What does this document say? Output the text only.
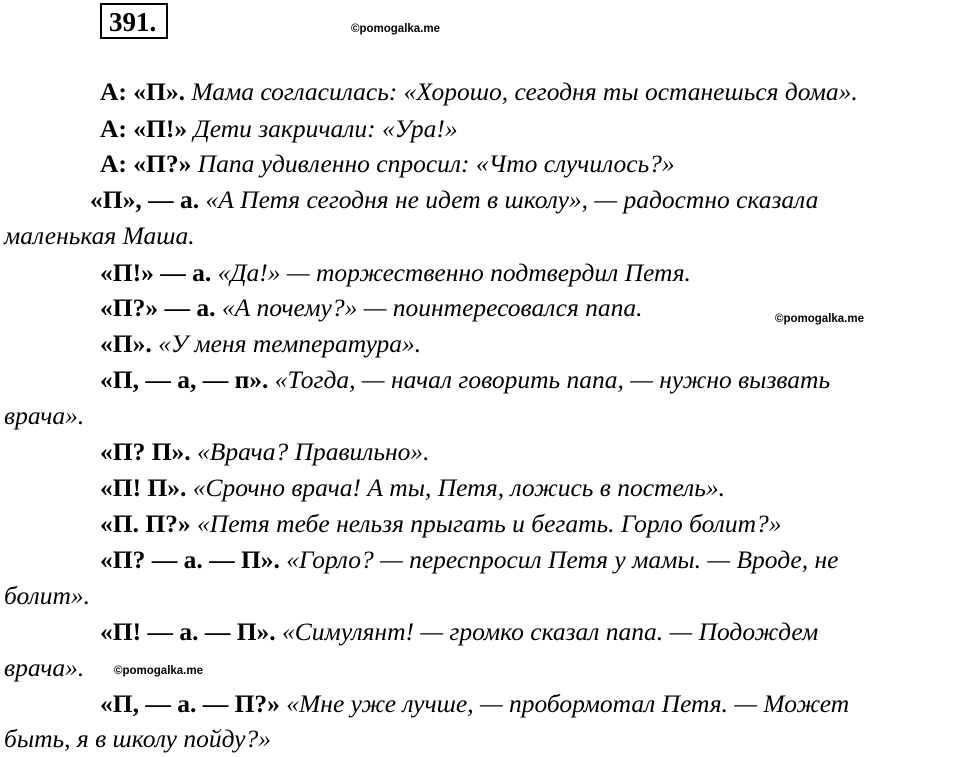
391.	©pomogalka.me
©pomogalka.me
©pomogalka.me
А: «П». Мама согласилась: «Хорошо, сегодня ты останешься дома».
А: «П!» Дети закричали: «Ура!»
А: «П?» Папа удивленно спросил: «Что случилось?»
«П», — а. «А Петя сегодня не идет в школу», — радостно сказала
маленькая Маша.
«П!» — а. «Да!» — торжественно подтвердил Петя.
«П?» — а. «А почему?» — поинтересовался папа.
«П». «У меня температура».
«П, — а, — п». «Тогда, — начал говорить папа, — нужно вызвать
врача».
«П? П». «Врача? Правильно».
«П! П». «Срочно врача! А ты, Петя, ложись в постель».
«П. П?» «Петя тебе нельзя прыгать и бегать. Горло болит?»
«П? — а. — П». «Горло? — переспросил Петя у мамы. — Вроде, не
болит».
«П! — а. — П». «Симулянт! — громко сказал папа. — Подождем
врача».
«П, — а. — П?» «Мне уже лучше, — пробормотал Петя. — Может
быть, я в школу пойду?»
